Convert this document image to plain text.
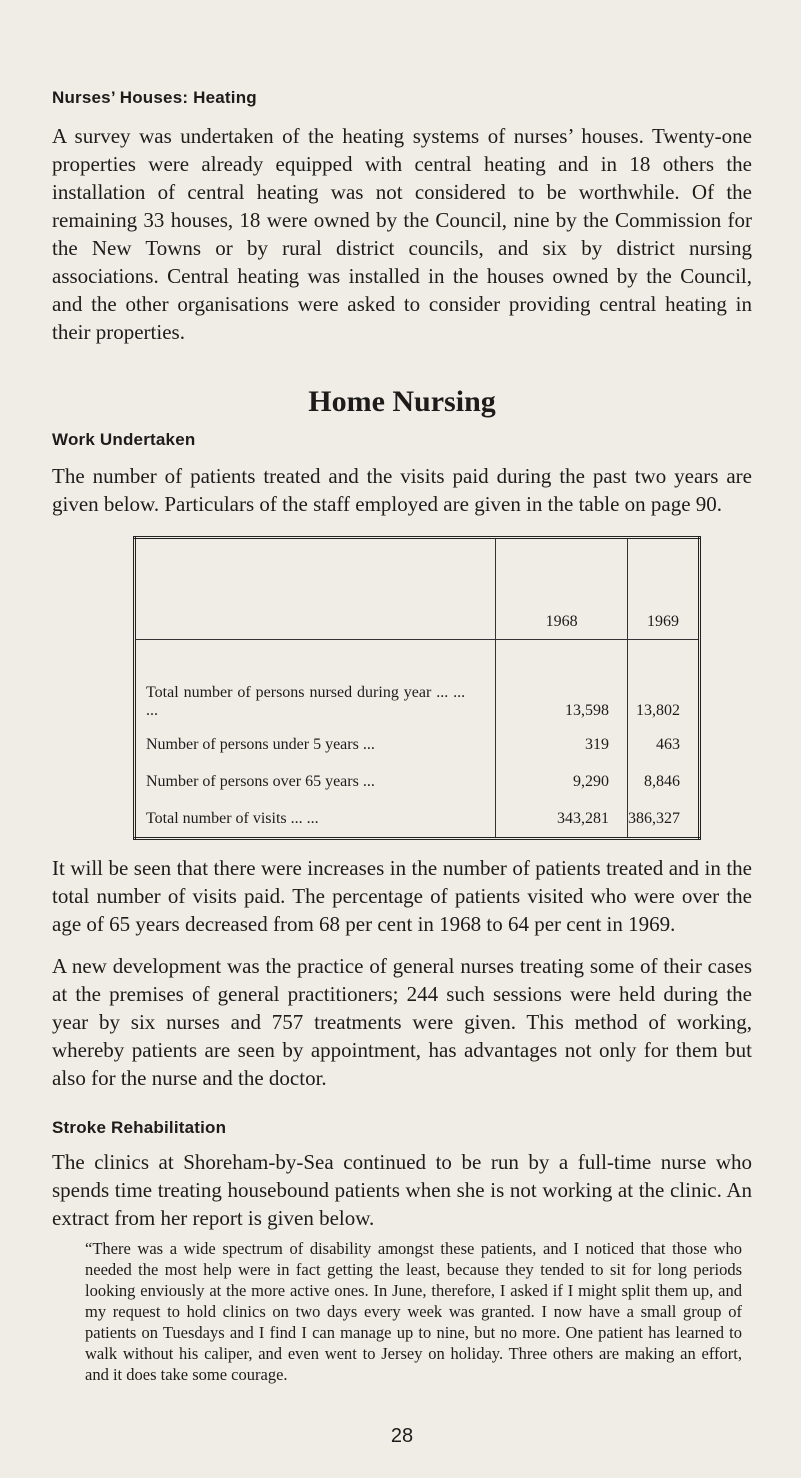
Nurses’ Houses: Heating
A survey was undertaken of the heating systems of nurses’ houses. Twenty-one properties were already equipped with central heating and in 18 others the installation of central heating was not considered to be worthwhile. Of the remaining 33 houses, 18 were owned by the Council, nine by the Commission for the New Towns or by rural district councils, and six by district nursing associations. Central heating was installed in the houses owned by the Council, and the other organisations were asked to consider providing central heating in their properties.
Home Nursing
Work Undertaken
The number of patients treated and the visits paid during the past two years are given below. Particulars of the staff employed are given in the table on page 90.
	1968	1969
Total number of persons nursed during year ... ... ...	13,598	13,802
Number of persons under 5 years ...	319	463
Number of persons over 65 years ...	9,290	8,846
Total number of visits ... ...	343,281	386,327
It will be seen that there were increases in the number of patients treated and in the total number of visits paid. The percentage of patients visited who were over the age of 65 years decreased from 68 per cent in 1968 to 64 per cent in 1969.
A new development was the practice of general nurses treating some of their cases at the premises of general practitioners; 244 such sessions were held during the year by six nurses and 757 treatments were given. This method of working, whereby patients are seen by appointment, has advantages not only for them but also for the nurse and the doctor.
Stroke Rehabilitation
The clinics at Shoreham-by-Sea continued to be run by a full-time nurse who spends time treating housebound patients when she is not working at the clinic. An extract from her report is given below.
“There was a wide spectrum of disability amongst these patients, and I noticed that those who needed the most help were in fact getting the least, because they tended to sit for long periods looking enviously at the more active ones. In June, therefore, I asked if I might split them up, and my request to hold clinics on two days every week was granted. I now have a small group of patients on Tuesdays and I find I can manage up to nine, but no more. One patient has learned to walk without his caliper, and even went to Jersey on holiday. Three others are making an effort, and it does take some courage.
28
